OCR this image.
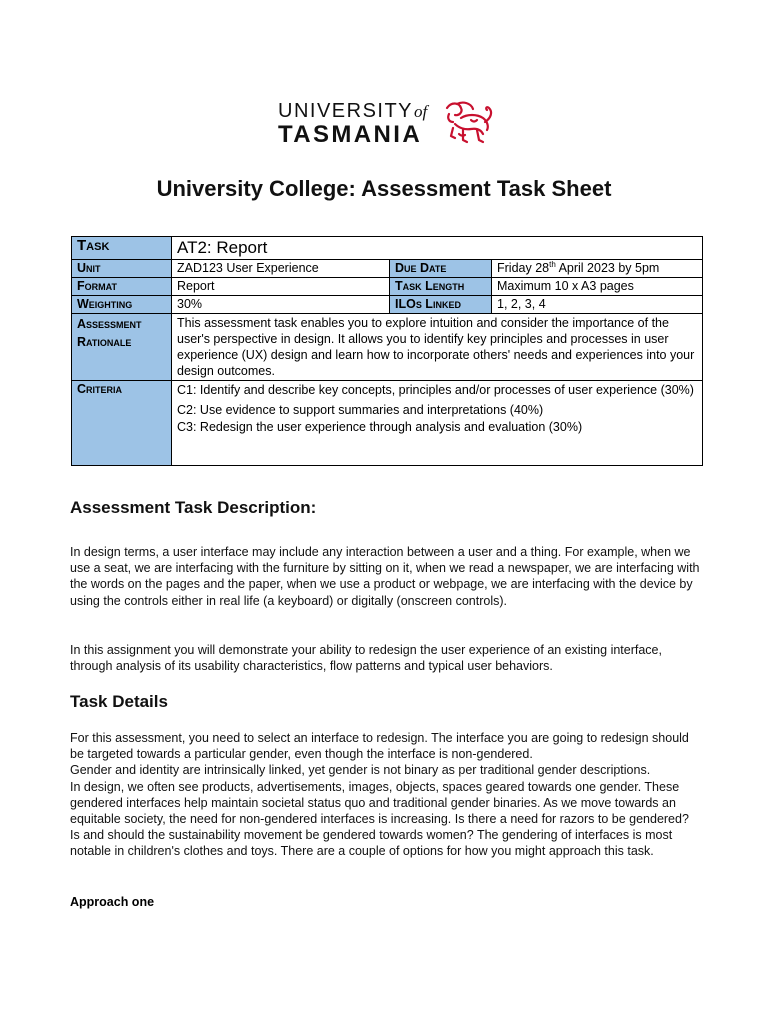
UNIVERSITYof
TASMANIA
University College: Assessment Task Sheet
Task	AT2: Report		
Unit	ZAD123 User Experience	Due Date	Friday 28th April 2023 by 5pm
Format	Report	Task Length	Maximum 10 x A3 pages
Weighting	30%	ILOs Linked	1, 2, 3, 4

Assessment
Rationale	This assessment task enables you to explore intuition and consider the importance of the user's perspective in design. It allows you to identify key principles and processes in user experience (UX) design and learn how to incorporate others' needs and experiences into your design outcomes.		
Criteria	C1: Identify and describe key concepts, principles and/or processes of user experience (30%)

C2: Use evidence to support summaries and interpretations (40%)

C3: Redesign the user experience through analysis and evaluation (30%)		

Assessment Task Description:
In design terms, a user interface may include any interaction between a user and a thing. For example, when we use a seat, we are interfacing with the furniture by sitting on it, when we read a newspaper, we are interfacing with the words on the pages and the paper, when we use a product or webpage, we are interfacing with the device by using the controls either in real life (a keyboard) or digitally (onscreen controls).
In this assignment you will demonstrate your ability to redesign the user experience of an existing interface, through analysis of its usability characteristics, flow patterns and typical user behaviors.
Task Details

For this assessment, you need to select an interface to redesign. The interface you are going to redesign should be targeted towards a particular gender, even though the interface is non-gendered.

Gender and identity are intrinsically linked, yet gender is not binary as per traditional gender descriptions.

In design, we often see products, advertisements, images, objects, spaces geared towards one gender. These gendered interfaces help maintain societal status quo and traditional gender binaries. As we move towards an equitable society, the need for non-gendered interfaces is increasing. Is there a need for razors to be gendered? Is and should the sustainability movement be gendered towards women? The gendering of interfaces is most notable in children's clothes and toys. There are a couple of options for how you might approach this task.

Approach one
